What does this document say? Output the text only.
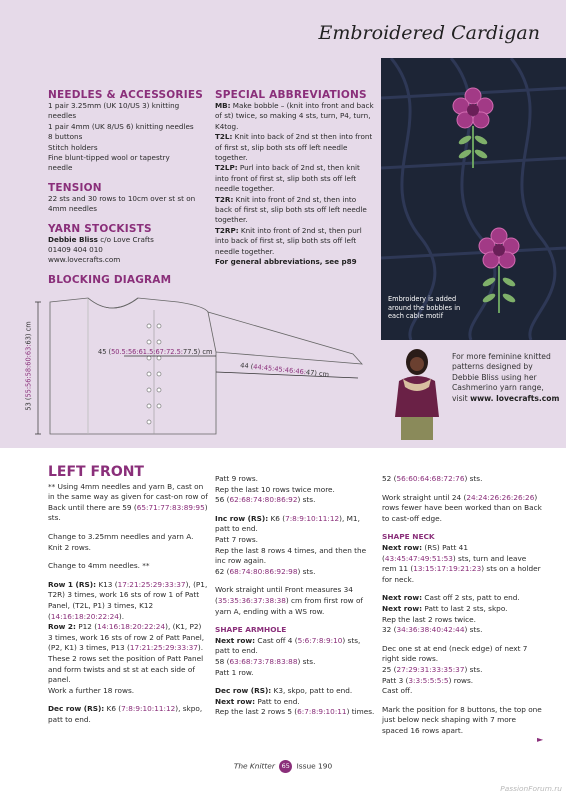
Embroidered Cardigan

NEEDLES & ACCESSORIES

1 pair 3.25mm (UK 10/US 3) knitting needles
1 pair 4mm (UK 8/US 6) knitting needles
8 buttons
Stitch holders
Fine blunt-tipped wool or tapestry
needle

TENSION

22 sts and 30 rows to 10cm over st st on
4mm needles

YARN STOCKISTS

Debbie Bliss c/o Love Crafts
01409 404 010
www.lovecrafts.com

BLOCKING DIAGRAM

SPECIAL ABBREVIATIONS

MB: Make bobble – (knit into front and back of st) twice, so making 4 sts, turn, P4, turn, K4tog.
T2L: Knit into back of 2nd st then into front of first st, slip both sts off left needle together.
T2LP: Purl into back of 2nd st, then knit into front of first st, slip both sts off left needle together.
T2R: Knit into front of 2nd st, then into back of first st, slip both sts off left needle together.
T2RP: Knit into front of 2nd st, then purl into back of first st, slip both sts off left needle together.
For general abbreviations, see p89
Embroidery is added around the bobbles in each cable motif
For more feminine knitted patterns designed by Debbie Bliss using her Cashmerino yarn range, visit www. lovecrafts.com
45 (50.5:56:61.5:67:72.5:77.5) cm
44 (44:45:45:46:46:47) cm
53 (55:56:58:60:63:63) cm
LEFT FRONT

** Using 4mm needles and yarn B, cast on in the same way as given for cast-on row of Back until there are 59 (65:71:77:83:89:95) sts.

Change to 3.25mm needles and yarn A. Knit 2 rows.

Change to 4mm needles. **

Row 1 (RS): K13 (17:21:25:29:33:37), (P1, T2R) 3 times, work 16 sts of row 1 of Patt Panel, (T2L, P1) 3 times, K12 (14:16:18:20:22:24).
Row 2: P12 (14:16:18:20:22:24), (K1, P2) 3 times, work 16 sts of row 2 of Patt Panel, (P2, K1) 3 times, P13 (17:21:25:29:33:37).
These 2 rows set the position of Patt Panel and form twists and st st at each side of panel.
Work a further 18 rows.

Dec row (RS): K6 (7:8:9:10:11:12), skpo, patt to end.

Patt 9 rows.
Rep the last 10 rows twice more.
56 (62:68:74:80:86:92) sts.

Inc row (RS): K6 (7:8:9:10:11:12), M1, patt to end.
Patt 7 rows.
Rep the last 8 rows 4 times, and then the inc row again.
62 (68:74:80:86:92:98) sts.

Work straight until Front measures 34 (35:35:36:37:38:38) cm from first row of yarn A, ending with a WS row.

SHAPE ARMHOLE
Next row: Cast off 4 (5:6:7:8:9:10) sts, patt to end.
58 (63:68:73:78:83:88) sts.
Patt 1 row.

Dec row (RS): K3, skpo, patt to end.
Next row: Patt to end.
Rep the last 2 rows 5 (6:7:8:9:10:11) times.

52 (56:60:64:68:72:76) sts.

Work straight until 24 (24:24:26:26:26:26) rows fewer have been worked than on Back to cast-off edge.

SHAPE NECK
Next row: (RS) Patt 41 (43:45:47:49:51:53) sts, turn and leave rem 11 (13:15:17:19:21:23) sts on a holder for neck.

Next row: Cast off 2 sts, patt to end.
Next row: Patt to last 2 sts, skpo.
Rep the last 2 rows twice.
32 (34:36:38:40:42:44) sts.

Dec one st at end (neck edge) of next 7 right side rows.
25 (27:29:31:33:35:37) sts.
Patt 3 (3:3:5:5:5:5) rows.
Cast off.

Mark the position for 8 buttons, the top one just below neck shaping with 7 more spaced 16 rows apart.

►
The Knitter 65 Issue 190
PassionForum.ru
